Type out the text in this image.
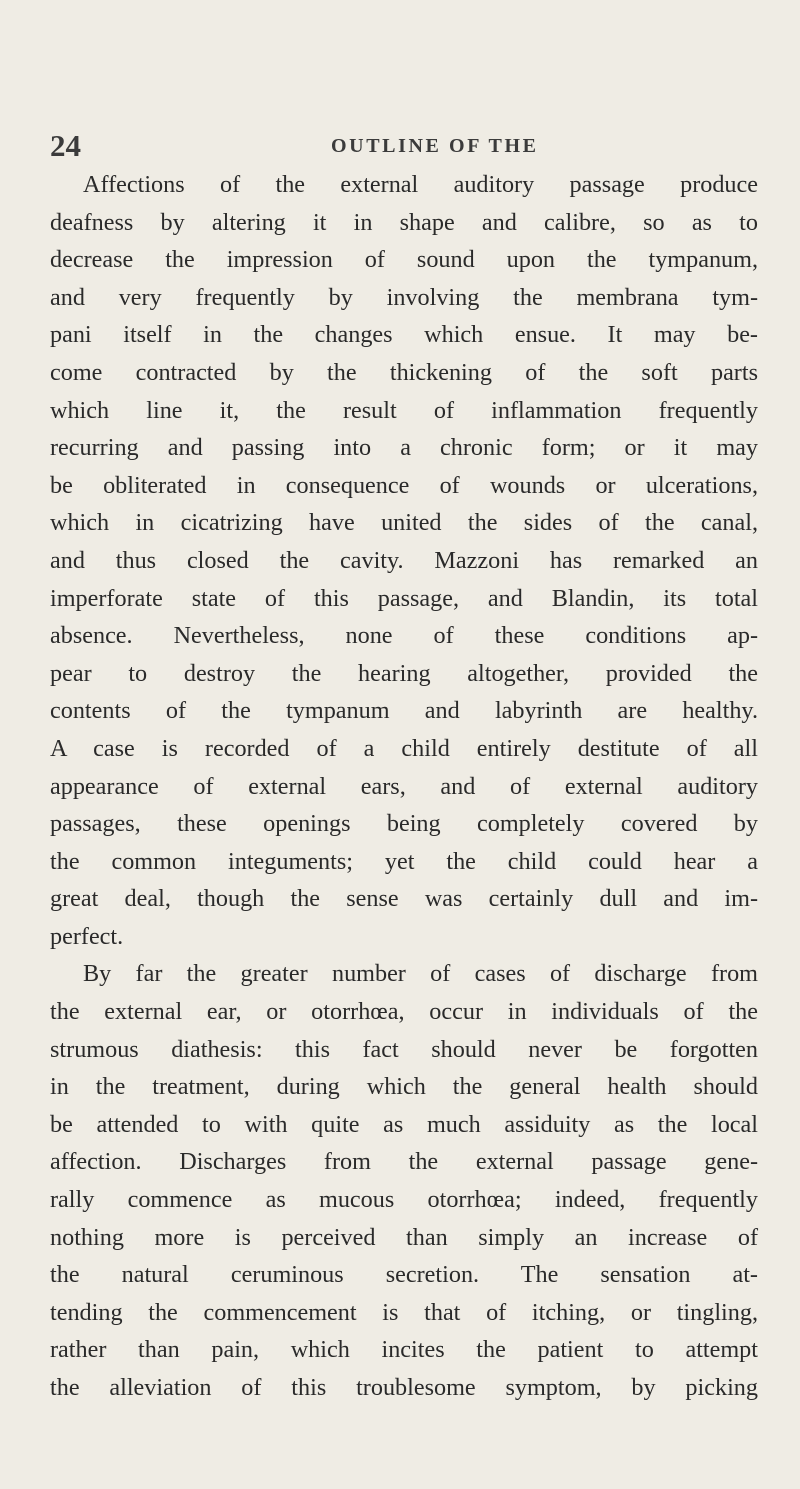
24	OUTLINE OF THE
Affections of the external auditory passage produce
deafness by altering it in shape and calibre, so as to
decrease the impression of sound upon the tympanum,
and very frequently by involving the membrana tym-
pani itself in the changes which ensue. It may be-
come contracted by the thickening of the soft parts
which line it, the result of inflammation frequently
recurring and passing into a chronic form; or it may
be obliterated in consequence of wounds or ulcerations,
which in cicatrizing have united the sides of the canal,
and thus closed the cavity. Mazzoni has remarked an
imperforate state of this passage, and Blandin, its total
absence. Nevertheless, none of these conditions ap-
pear to destroy the hearing altogether, provided the
contents of the tympanum and labyrinth are healthy.
A case is recorded of a child entirely destitute of all
appearance of external ears, and of external auditory
passages, these openings being completely covered by
the common integuments; yet the child could hear a
great deal, though the sense was certainly dull and im-
perfect.
By far the greater number of cases of discharge from
the external ear, or otorrhœa, occur in individuals of the
strumous diathesis: this fact should never be forgotten
in the treatment, during which the general health should
be attended to with quite as much assiduity as the local
affection. Discharges from the external passage gene-
rally commence as mucous otorrhœa; indeed, frequently
nothing more is perceived than simply an increase of
the natural ceruminous secretion. The sensation at-
tending the commencement is that of itching, or tingling,
rather than pain, which incites the patient to attempt
the alleviation of this troublesome symptom, by picking
